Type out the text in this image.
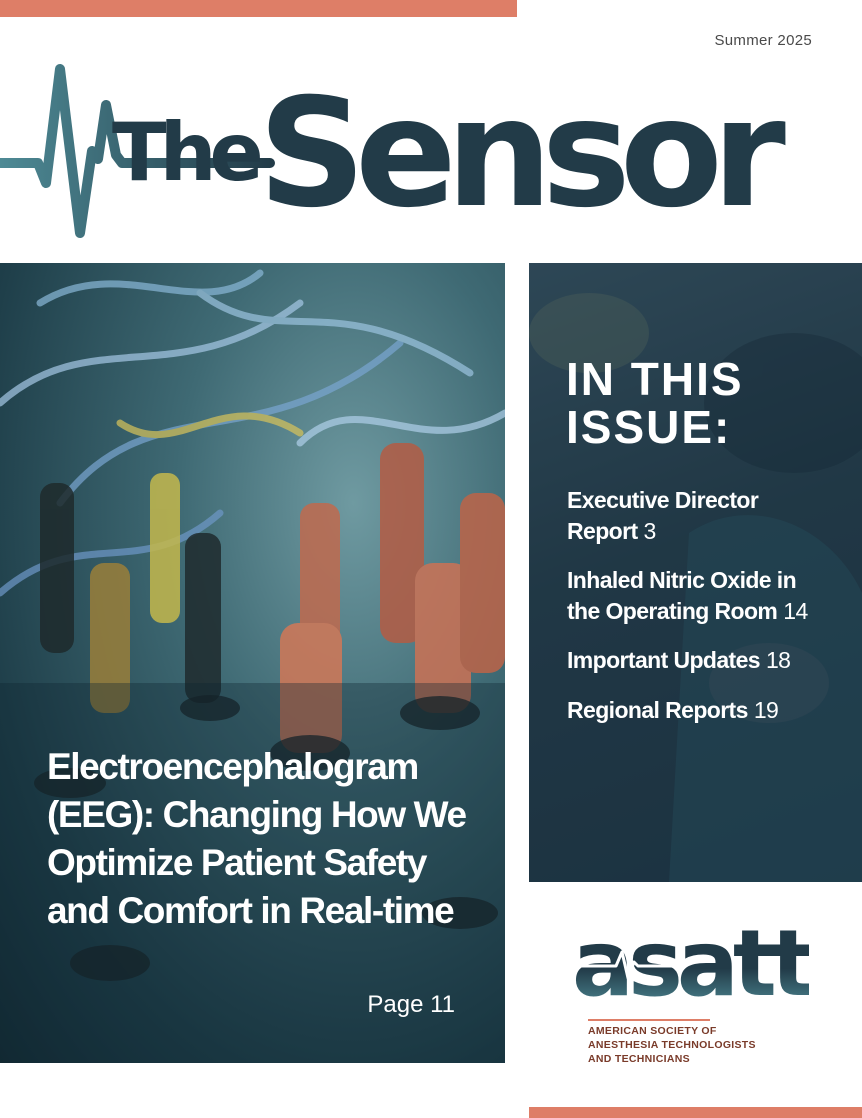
Summer 2025
The Sensor
Electroencephalogram (EEG): Changing How We Optimize Patient Safety and Comfort in Real-time
Page 11
IN THIS ISSUE:
Executive Director Report 3
Inhaled Nitric Oxide in the Operating Room 14
Important Updates 18
Regional Reports 19
asatt

AMERICAN SOCIETY OF
ANESTHESIA TECHNOLOGISTS
AND TECHNICIANS
